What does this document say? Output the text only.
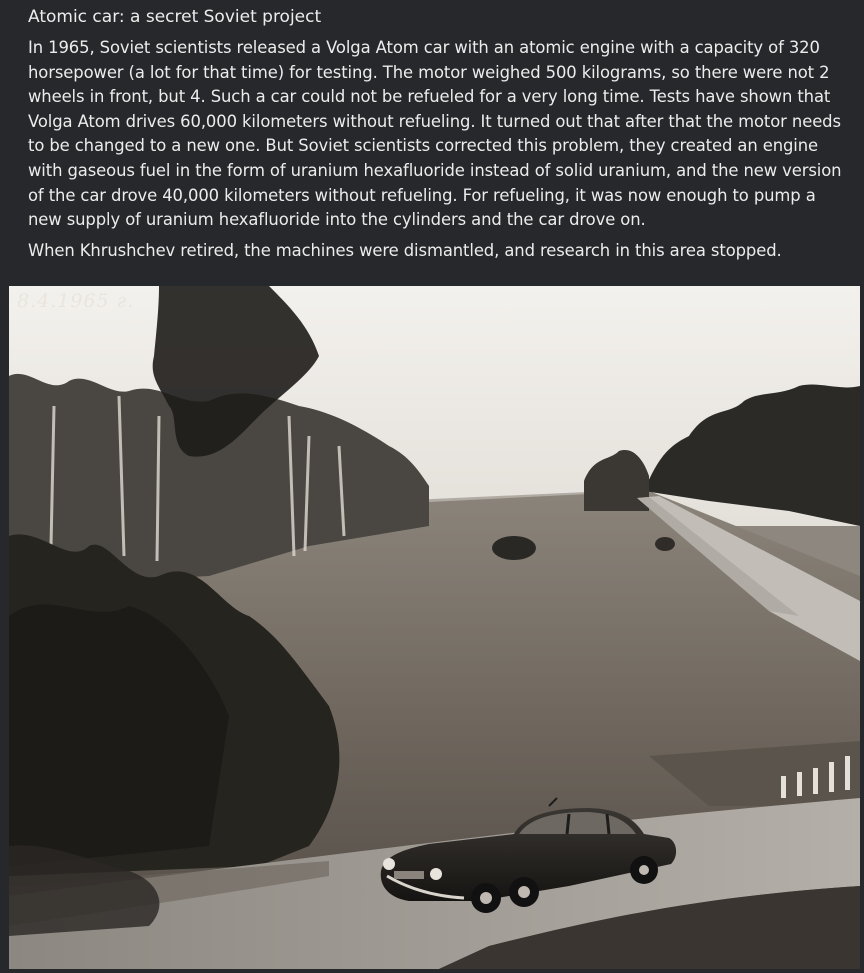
Atomic car: a secret Soviet project

In 1965, Soviet scientists released a Volga Atom car with an atomic engine with a capacity of 320 horsepower (a lot for that time) for testing. The motor weighed 500 kilograms, so there were not 2 wheels in front, but 4. Such a car could not be refueled for a very long time. Tests have shown that Volga Atom drives 60,000 kilometers without refueling. It turned out that after that the motor needs to be changed to a new one. But Soviet scientists corrected this problem, they created an engine with gaseous fuel in the form of uranium hexafluoride instead of solid uranium, and the new version of the car drove 40,000 kilometers without refueling. For refueling, it was now enough to pump a new supply of uranium hexafluoride into the cylinders and the car drove on.

When Khrushchev retired, the machines were dismantled, and research in this area stopped.

8.4.1965 г.
